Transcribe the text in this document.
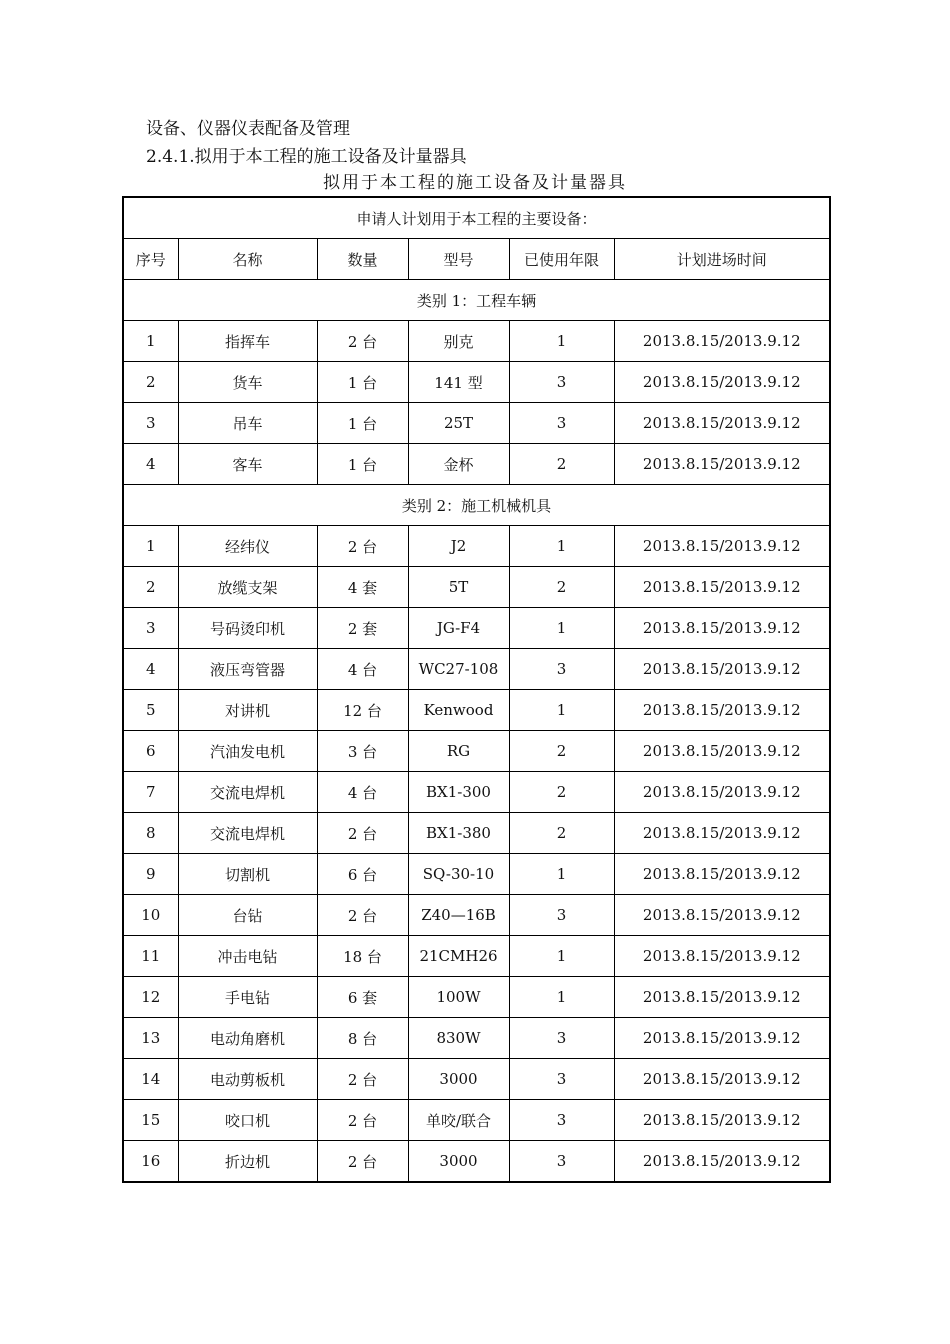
设备、仪器仪表配备及管理
2.4.1.拟用于本工程的施工设备及计量器具
拟用于本工程的施工设备及计量器具
申请人计划用于本工程的主要设备：					
序号	名称	数量	型号	已使用年限	计划进场时间
类别 1：工程车辆					
1	指挥车	2 台	别克	1	2013.8.15/2013.9.12
2	货车	1 台	141 型	3	2013.8.15/2013.9.12
3	吊车	1 台	25T	3	2013.8.15/2013.9.12
4	客车	1 台	金杯	2	2013.8.15/2013.9.12
类别 2：施工机械机具					
1	经纬仪	2 台	J2	1	2013.8.15/2013.9.12
2	放缆支架	4 套	5T	2	2013.8.15/2013.9.12
3	号码烫印机	2 套	JG-F4	1	2013.8.15/2013.9.12
4	液压弯管器	4 台	WC27-108	3	2013.8.15/2013.9.12
5	对讲机	12 台	Kenwood	1	2013.8.15/2013.9.12
6	汽油发电机	3 台	RG	2	2013.8.15/2013.9.12
7	交流电焊机	4 台	BX1-300	2	2013.8.15/2013.9.12
8	交流电焊机	2 台	BX1-380	2	2013.8.15/2013.9.12
9	切割机	6 台	SQ-30-10	1	2013.8.15/2013.9.12
10	台钻	2 台	Z40—16B	3	2013.8.15/2013.9.12
11	冲击电钻	18 台	21CMH26	1	2013.8.15/2013.9.12
12	手电钻	6 套	100W	1	2013.8.15/2013.9.12
13	电动角磨机	8 台	830W	3	2013.8.15/2013.9.12
14	电动剪板机	2 台	3000	3	2013.8.15/2013.9.12
15	咬口机	2 台	单咬/联合	3	2013.8.15/2013.9.12
16	折边机	2 台	3000	3	2013.8.15/2013.9.12
